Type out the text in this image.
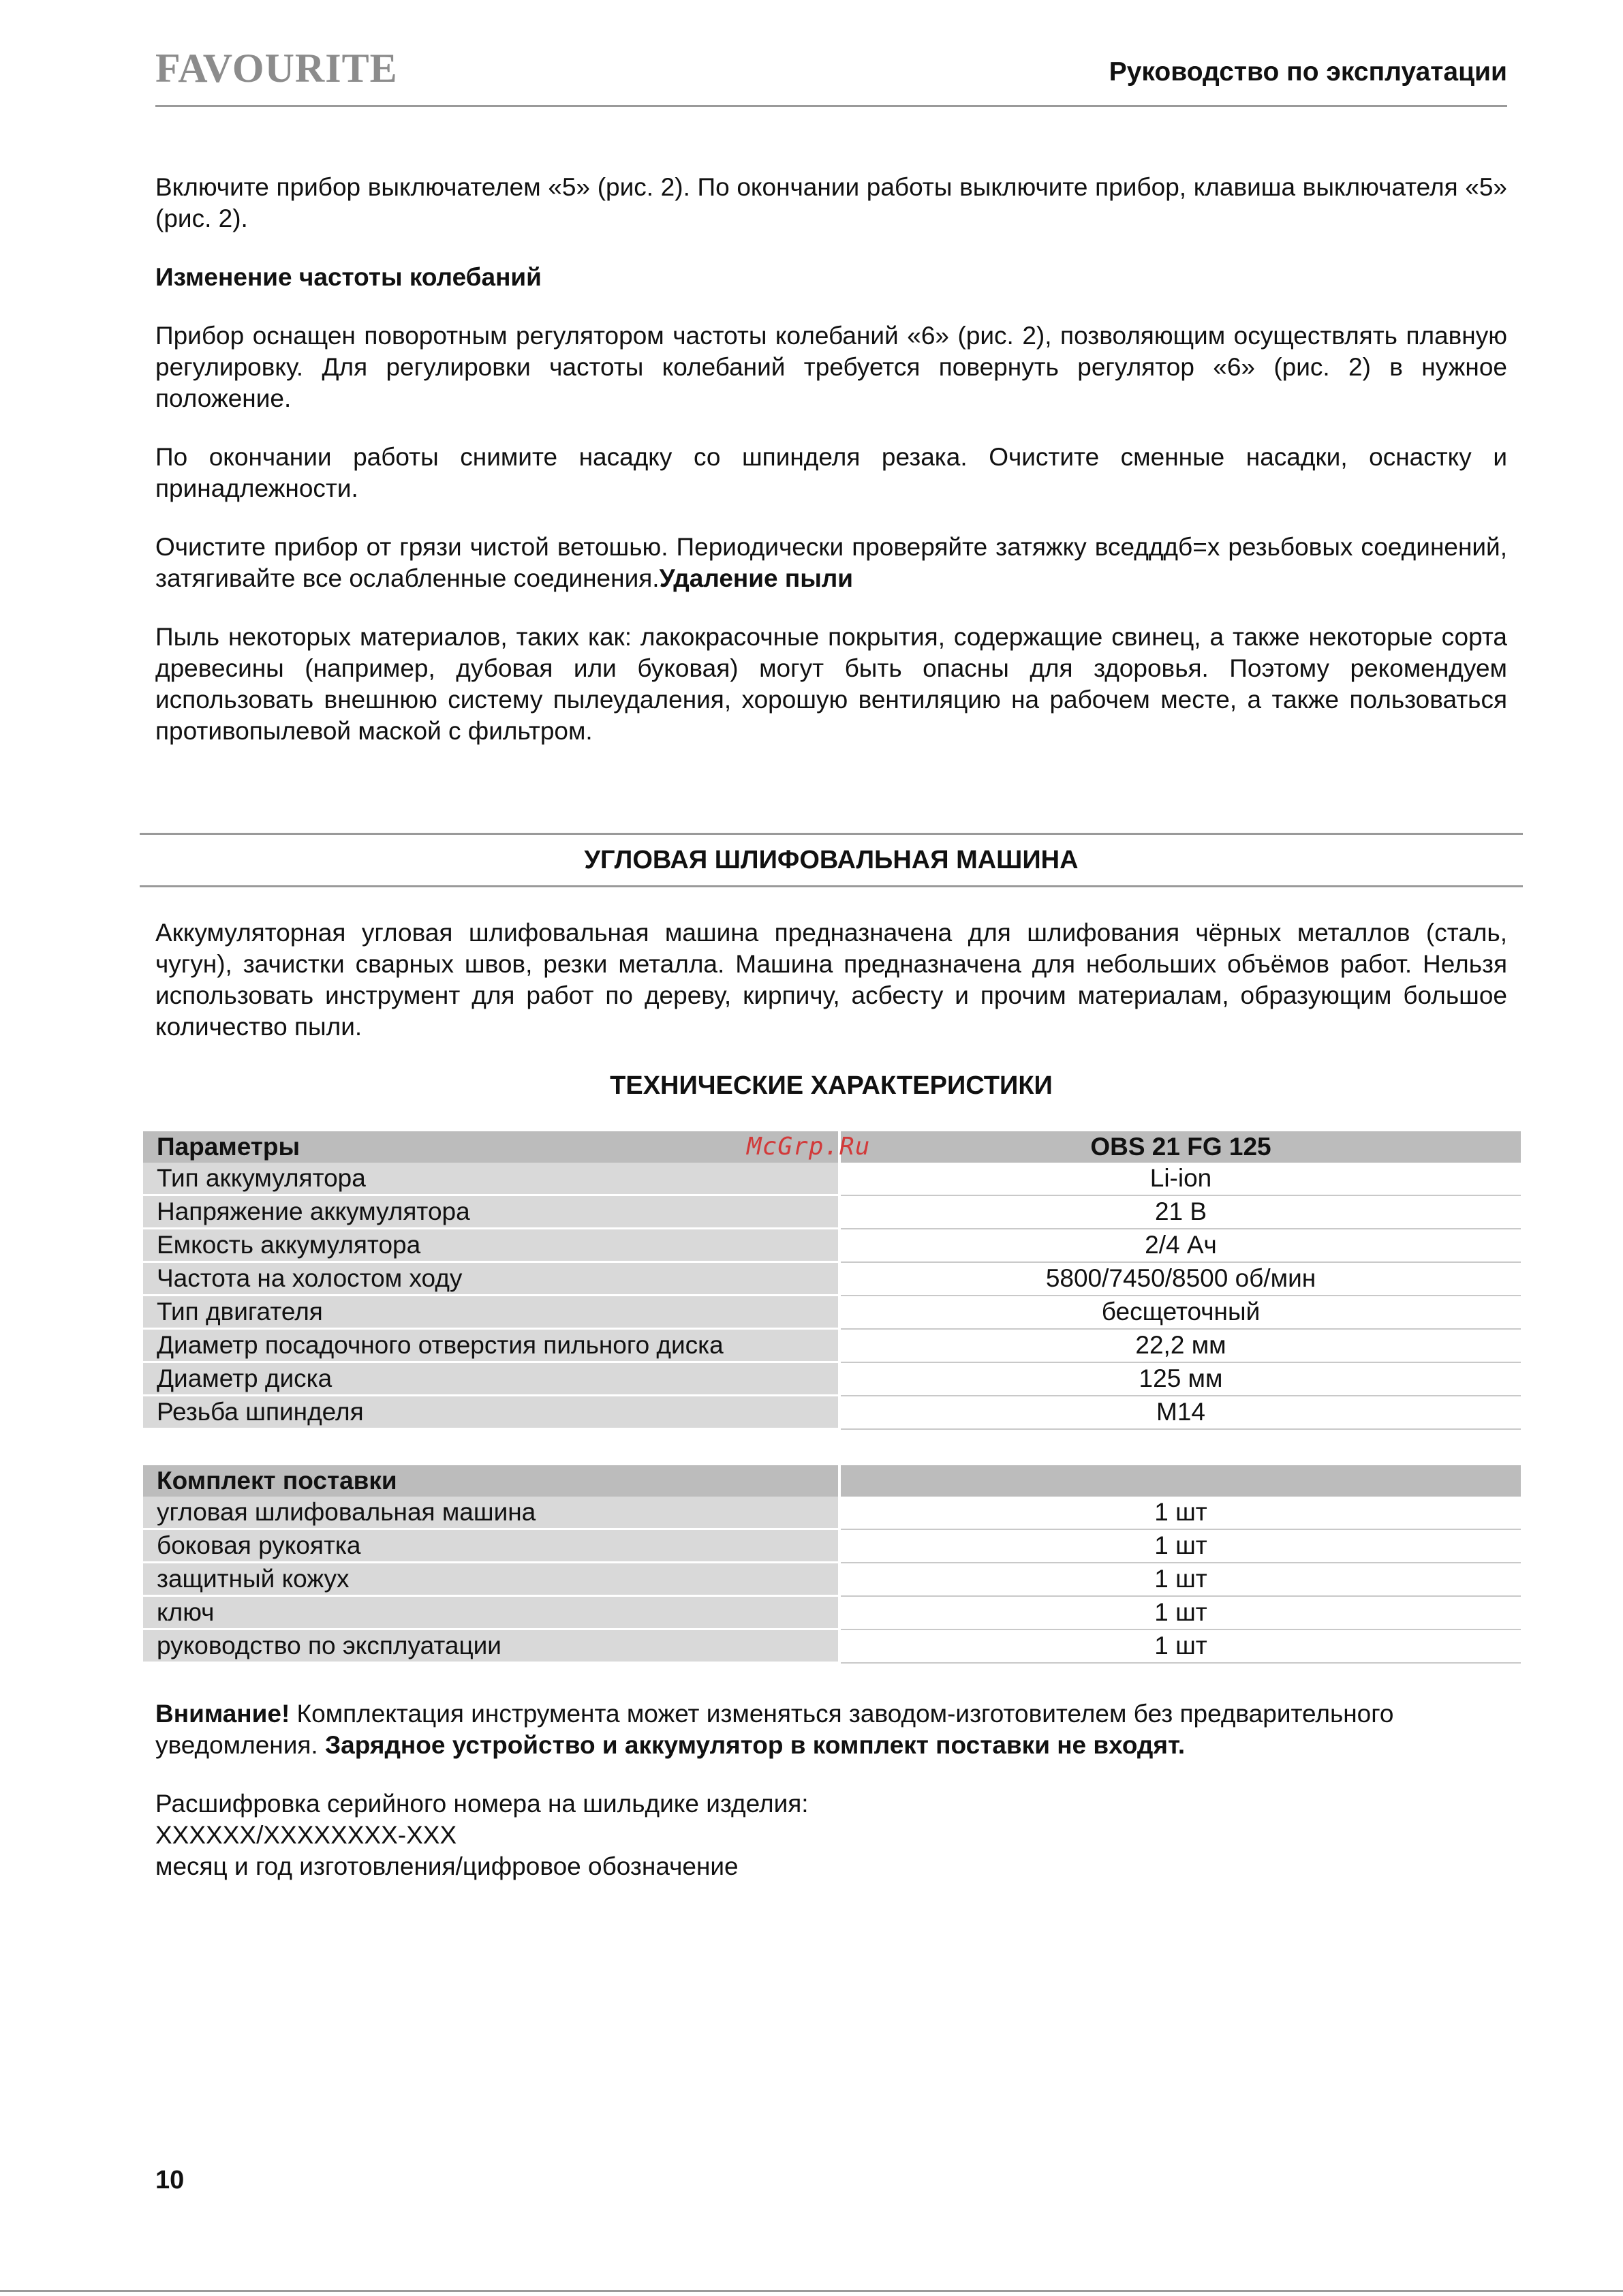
FAVOURITE	Руководство по эксплуатации

Включите прибор выключателем «5» (рис. 2). По окончании работы выключите прибор, клавиша выключателя «5» (рис. 2).

Изменение частоты колебаний

Прибор оснащен поворотным регулятором частоты колебаний «6» (рис. 2), позволяющим осуществлять плавную регулировку. Для регулировки частоты колебаний требуется повернуть регулятор «6» (рис. 2) в нужное положение.

По окончании работы снимите насадку со шпинделя резака. Очистите сменные насадки, оснастку и принадлежности.

Очистите прибор от грязи чистой ветошью. Периодически проверяйте затяжку вседддб=х резьбовых соединений, затягивайте все ослабленные соединения.Удаление пыли

Пыль некоторых материалов, таких как: лакокрасочные покрытия, содержащие свинец, а также некоторые сорта древесины (например, дубовая или буковая) могут быть опасны для здоровья. Поэтому рекомендуем использовать внешнюю систему пылеудаления, хорошую вентиляцию на рабочем месте, а также пользоваться противопылевой маской с фильтром.

УГЛОВАЯ ШЛИФОВАЛЬНАЯ МАШИНА

Аккумуляторная угловая шлифовальная машина предназначена для шлифования чёрных металлов (сталь, чугун), зачистки сварных швов, резки металла. Машина предназначена для небольших объёмов работ. Нельзя использовать инструмент для работ по дереву, кирпичу, асбесту и прочим материалам, образующим большое количество пыли.

ТЕХНИЧЕСКИЕ ХАРАКТЕРИСТИКИ

Параметры McGrp.Ru	OBS 21 FG 125
Тип аккумулятора	Li-ion
Напряжение аккумулятора	21 В
Емкость аккумулятора	2/4 Ач
Частота на холостом ходу	5800/7450/8500 об/мин
Тип двигателя	бесщеточный
Диаметр посадочного отверстия пильного диска	22,2 мм
Диаметр диска	125 мм
Резьба шпинделя	М14
Комплект поставки	
угловая шлифовальная машина	1 шт
боковая рукоятка	1 шт
защитный кожух	1 шт
ключ	1 шт
руководство по эксплуатации	1 шт

Внимание! Комплектация инструмента может изменяться заводом-изготовителем без предварительного уведомления. Зарядное устройство и аккумулятор в комплект поставки не входят.

Расшифровка серийного номера на шильдике изделия:
XXXXXX/XXXXXXXX-XXX
месяц и год изготовления/цифровое обозначение
10
